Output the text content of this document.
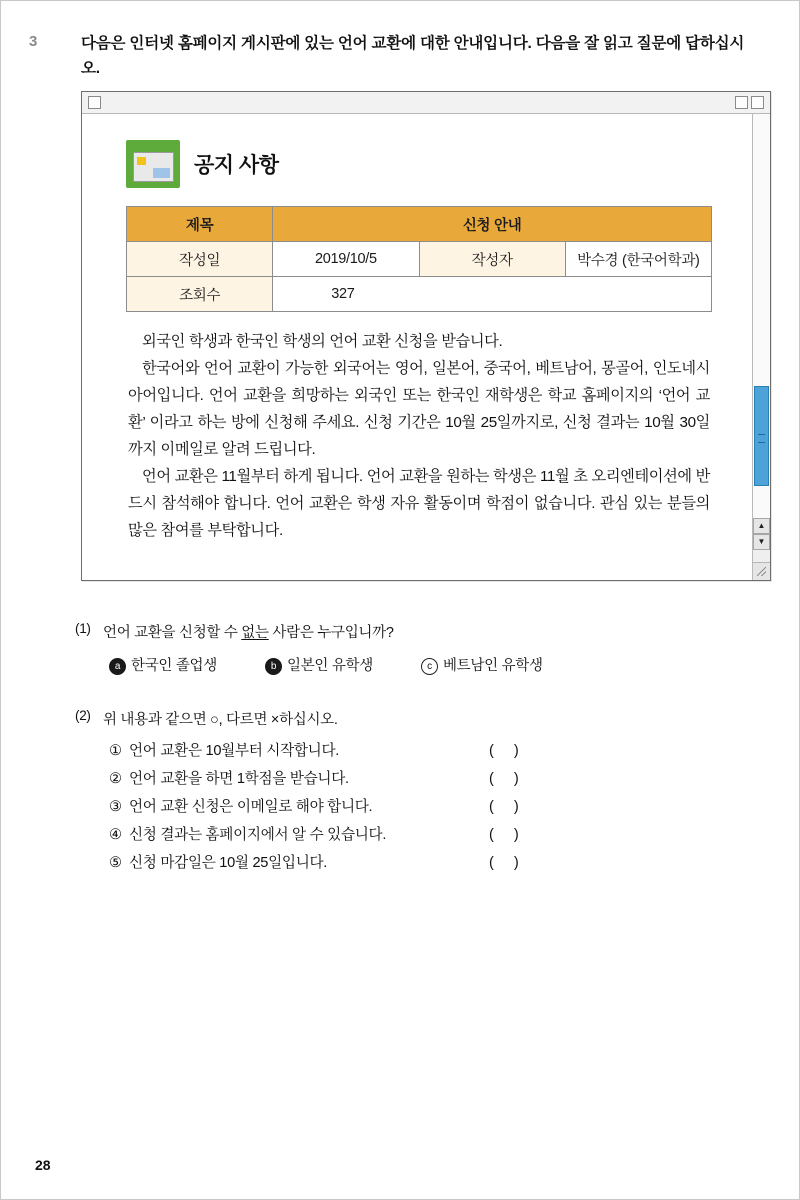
3	다음은 인터넷 홈페이지 게시판에 있는 언어 교환에 대한 안내입니다. 다음을 잘 읽고 질문에 답하십시오.
공지 사항
제목	신청 안내		
작성일	2019/10/5	작성자	박수경 (한국어학과)
조회수	327		

외국인 학생과 한국인 학생의 언어 교환 신청을 받습니다.

한국어와 언어 교환이 가능한 외국어는 영어, 일본어, 중국어, 베트남어, 몽골어, 인도네시아어입니다. 언어 교환을 희망하는 외국인 또는 한국인 재학생은 학교 홈페이지의 ‘언어 교환’ 이라고 하는 방에 신청해 주세요. 신청 기간은 10월 25일까지로, 신청 결과는 10월 30일까지 이메일로 알려 드립니다.

언어 교환은 11월부터 하게 됩니다. 언어 교환을 원하는 학생은 11월 초 오리엔테이션에 반드시 참석해야 합니다. 언어 교환은 학생 자유 활동이며 학점이 없습니다. 관심 있는 분들의 많은 참여를 부탁합니다.	▲
▼
(1) 언어 교환을 신청할 수 없는 사람은 누구입니까?
a 한국인 졸업생	b 일본인 유학생	c 베트남인 유학생
(2) 위 내용과 같으면 ○, 다르면 ×하십시오.
① 언어 교환은 10월부터 시작합니다.	( )
② 언어 교환을 하면 1학점을 받습니다.	( )
③ 언어 교환 신청은 이메일로 해야 합니다.	( )
④ 신청 결과는 홈페이지에서 알 수 있습니다.	( )
⑤ 신청 마감일은 10월 25일입니다.	( )
28
